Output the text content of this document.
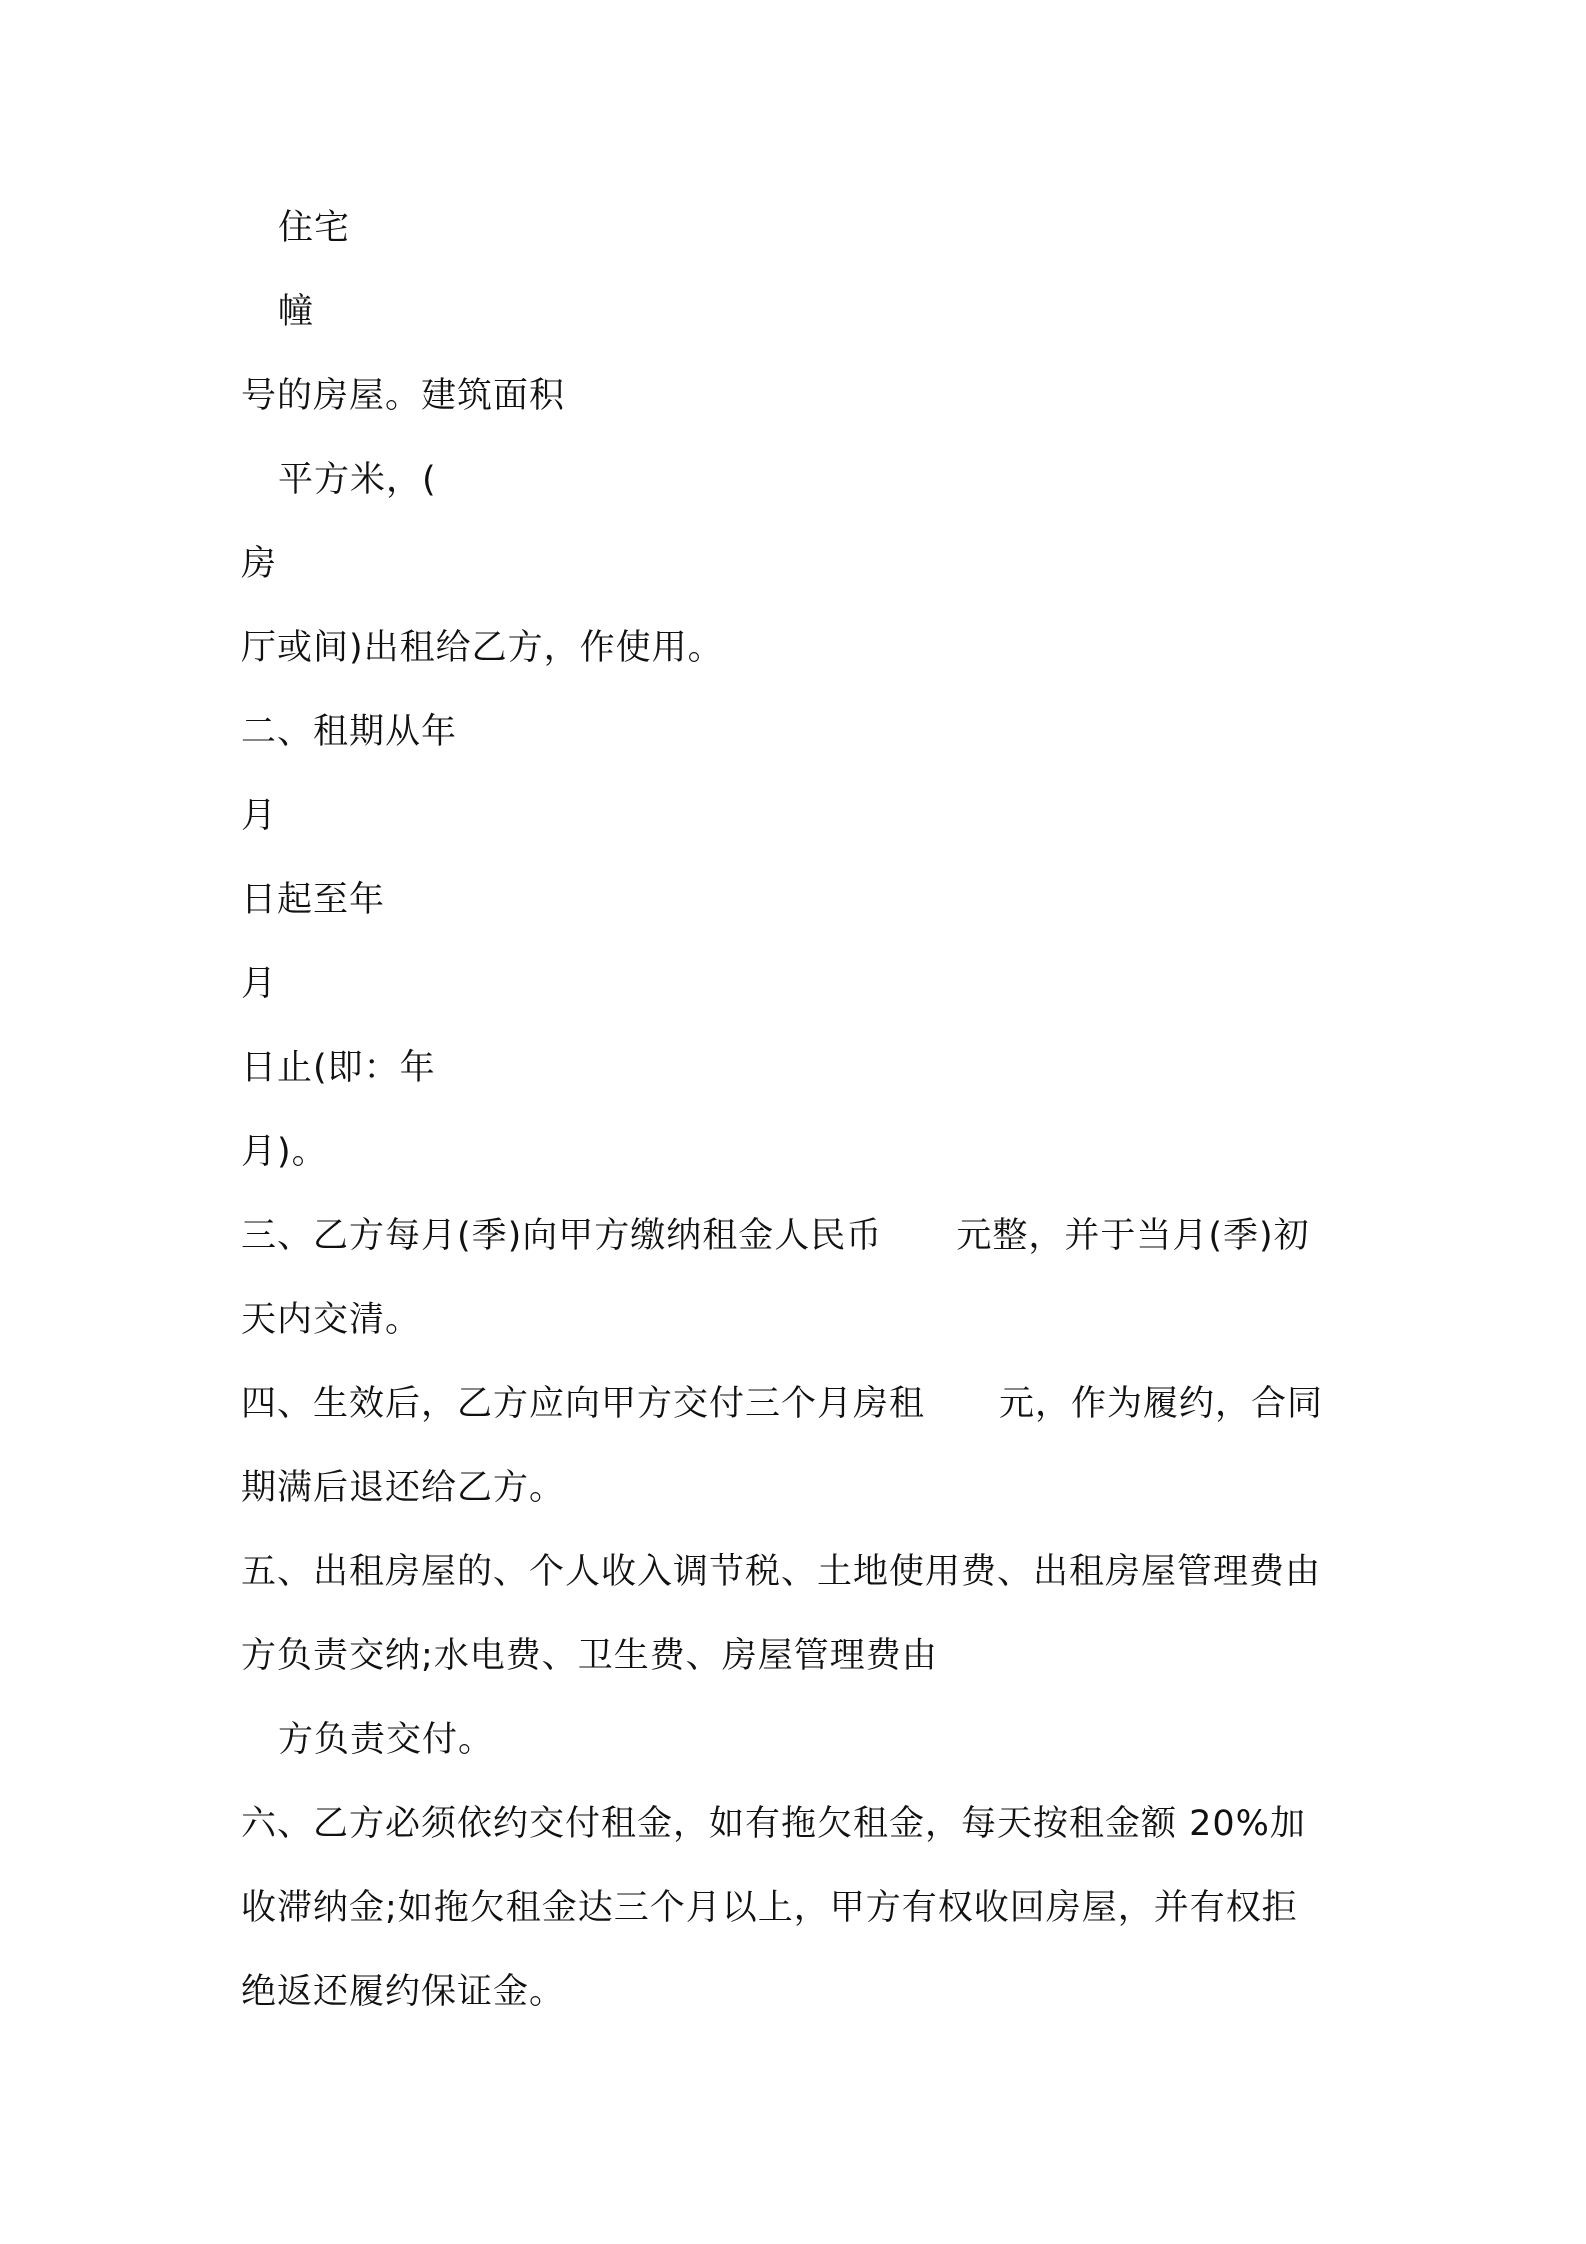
住宅

幢

号的房屋。建筑面积

平方米，(

房

厅或间)出租给乙方，作使用。

二、租期从年

月

日起至年

月

日止(即：年

月)。

三、乙方每月(季)向甲方缴纳租金人民币 元整，并于当月(季)初

天内交清。

四、生效后，乙方应向甲方交付三个月房租 元，作为履约，合同

期满后退还给乙方。

五、出租房屋的、个人收入调节税、土地使用费、出租房屋管理费由

方负责交纳;水电费、卫生费、房屋管理费由

方负责交付。

六、乙方必须依约交付租金，如有拖欠租金，每天按租金额 20%加

收滞纳金;如拖欠租金达三个月以上，甲方有权收回房屋，并有权拒

绝返还履约保证金。
